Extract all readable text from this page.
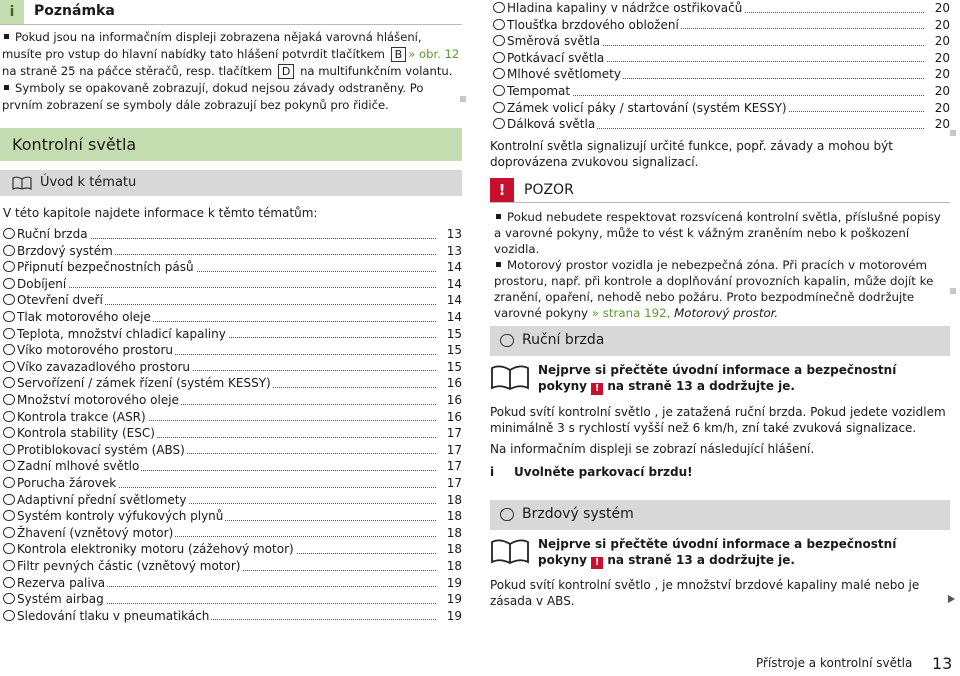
i	Poznámka
Pokud jsou na informačním displeji zobrazena nějaká varovná hlášení, musíte pro vstup do hlavní nabídky tato hlášení potvrdit tlačítkem B » obr. 12 na straně 25 na páčce stěračů, resp. tlačítkem D na multifunkčním volantu.
Symboly se opakovaně zobrazují, dokud nejsou závady odstraněny. Po prvním zobrazení se symboly dále zobrazují bez pokynů pro řidiče.
Kontrolní světla
Úvod k tématu
V této kapitole najdete informace k těmto tématům:
Ruční brzda	13
Brzdový systém	13
Připnutí bezpečnostních pásů	14
Dobíjení	14
Otevření dveří	14
Tlak motorového oleje	14
Teplota, množství chladicí kapaliny	15
Víko motorového prostoru	15
Víko zavazadlového prostoru	15
Servořízení / zámek řízení (systém KESSY)	16
Množství motorového oleje	16
Kontrola trakce (ASR)	16
Kontrola stability (ESC)	17
Protiblokovací systém (ABS)	17
Zadní mlhové světlo	17
Porucha žárovek	17
Adaptivní přední světlomety	18
Systém kontroly výfukových plynů	18
Žhavení (vznětový motor)	18
Kontrola elektroniky motoru (zážehový motor)	18
Filtr pevných částic (vznětový motor)	18
Rezerva paliva	19
Systém airbag	19
Sledování tlaku v pneumatikách	19
Hladina kapaliny v nádržce ostřikovačů	20
Tloušťka brzdového obložení	20
Směrová světla	20
Potkávací světla	20
Mlhové světlomety	20
Tempomat	20
Zámek volicí páky / startování (systém KESSY)	20
Dálková světla	20
Kontrolní světla signalizují určité funkce, popř. závady a mohou být doprovázena zvukovou signalizací.
!	POZOR
Pokud nebudete respektovat rozsvícená kontrolní světla, příslušné popisy a varovné pokyny, může to vést k vážným zraněním nebo k poškození vozidla.
Motorový prostor vozidla je nebezpečná zóna. Při pracích v motorovém prostoru, např. při kontrole a doplňování provozních kapalin, může dojít ke zranění, opaření, nehodě nebo požáru. Proto bezpodmínečně dodržujte varovné pokyny » strana 192, Motorový prostor.
Ruční brzda
Nejprve si přečtěte úvodní informace a bezpečnostní pokyny ! na straně 13 a dodržujte je.
Pokud svítí kontrolní světlo , je zatažená ruční brzda. Pokud jedete vozidlem minimálně 3 s rychlostí vyšší než 6 km/h, zní také zvuková signalizace.
Na informačním displeji se zobrazí následující hlášení.
i Uvolněte parkovací brzdu!
Brzdový systém
Nejprve si přečtěte úvodní informace a bezpečnostní pokyny ! na straně 13 a dodržujte je.
Pokud svítí kontrolní světlo , je množství brzdové kapaliny malé nebo je zásada v ABS.
Přístroje a kontrolní světla 13
